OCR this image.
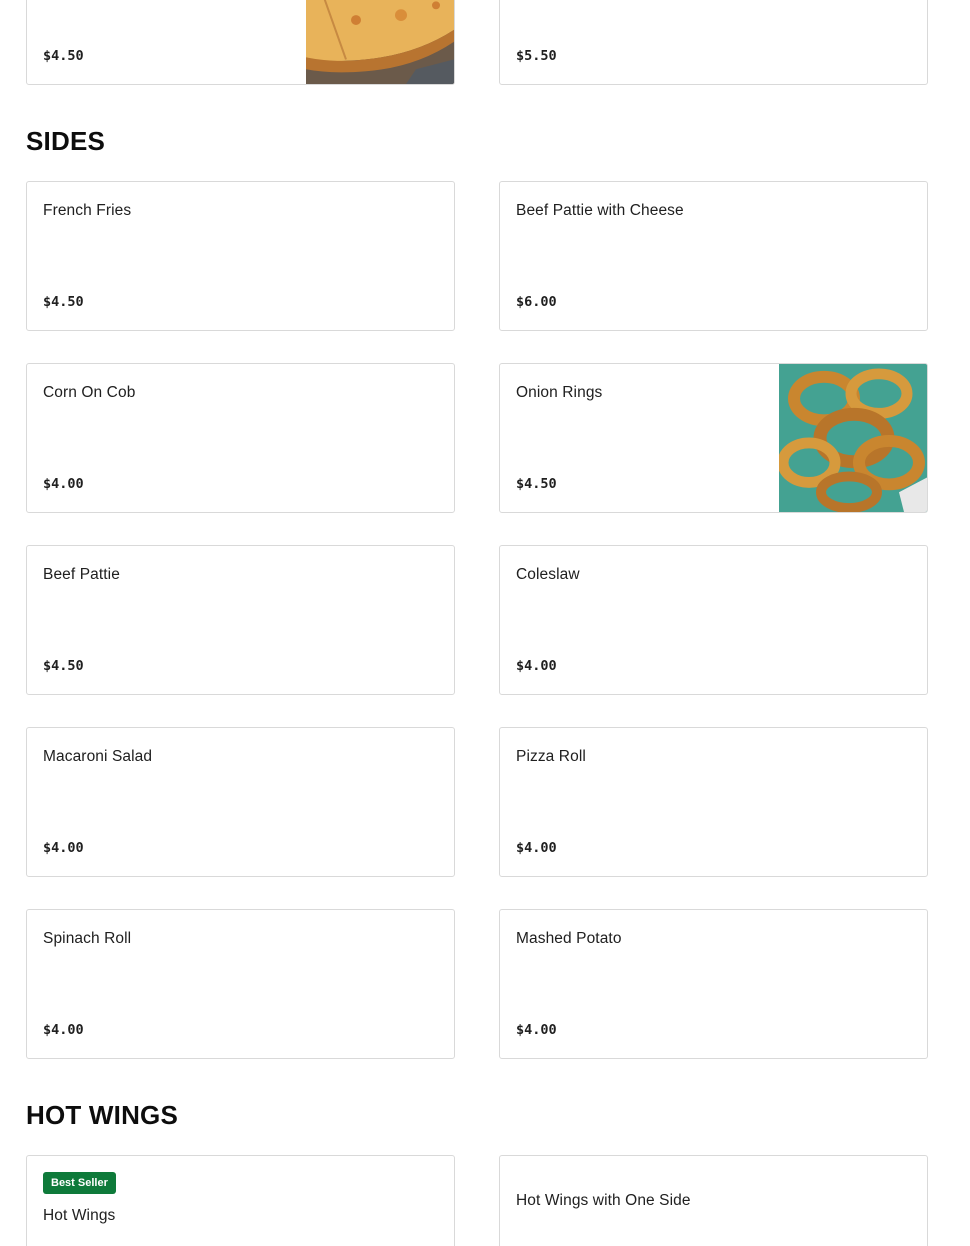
$4.50	$5.50
SIDES
French Fries
$4.50
Beef Pattie with Cheese
$6.00
Corn On Cob
$4.00
Onion Rings
$4.50
Beef Pattie
$4.50
Coleslaw
$4.00
Macaroni Salad
$4.00
Pizza Roll
$4.00
Spinach Roll
$4.00
Mashed Potato
$4.00
HOT WINGS
Best Seller
Hot Wings
Hot Wings with One Side
